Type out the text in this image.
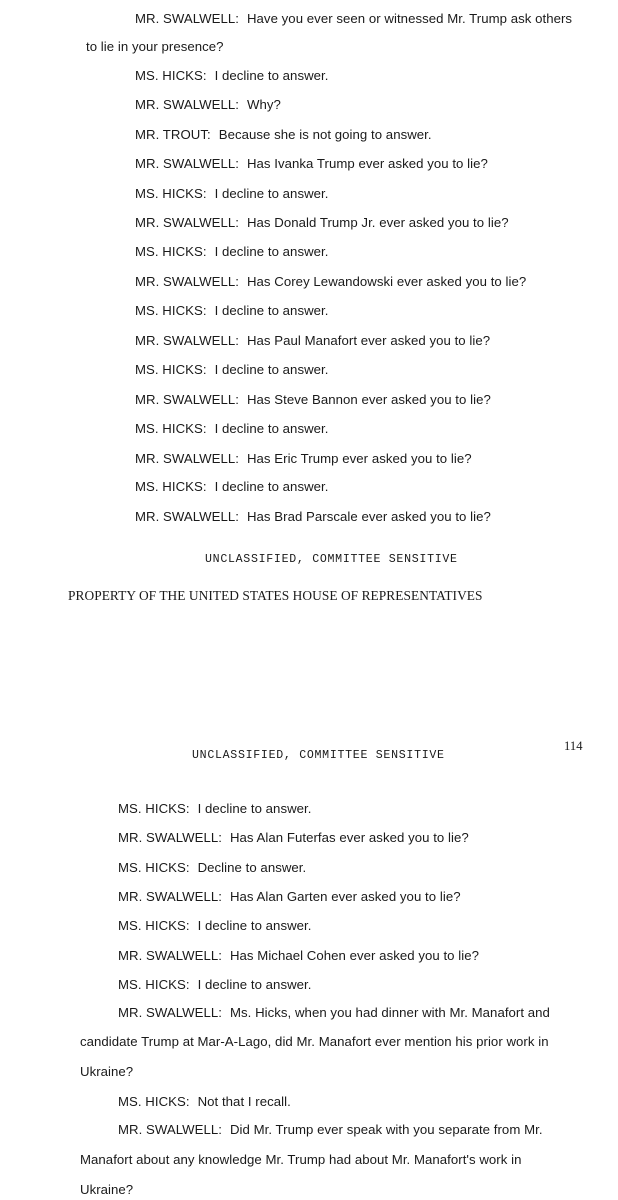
MR. SWALWELL: Have you ever seen or witnessed Mr. Trump ask others
to lie in your presence?
MS. HICKS: I decline to answer.
MR. SWALWELL: Why?
MR. TROUT: Because she is not going to answer.
MR. SWALWELL: Has Ivanka Trump ever asked you to lie?
MS. HICKS: I decline to answer.
MR. SWALWELL: Has Donald Trump Jr. ever asked you to lie?
MS. HICKS: I decline to answer.
MR. SWALWELL: Has Corey Lewandowski ever asked you to lie?
MS. HICKS: I decline to answer.
MR. SWALWELL: Has Paul Manafort ever asked you to lie?
MS. HICKS: I decline to answer.
MR. SWALWELL: Has Steve Bannon ever asked you to lie?
MS. HICKS: I decline to answer.
MR. SWALWELL: Has Eric Trump ever asked you to lie?
MS. HICKS: I decline to answer.
MR. SWALWELL: Has Brad Parscale ever asked you to lie?
UNCLASSIFIED, COMMITTEE SENSITIVE
PROPERTY OF THE UNITED STATES HOUSE OF REPRESENTATIVES
114
UNCLASSIFIED, COMMITTEE SENSITIVE
MS. HICKS: I decline to answer.
MR. SWALWELL: Has Alan Futerfas ever asked you to lie?
MS. HICKS: Decline to answer.
MR. SWALWELL: Has Alan Garten ever asked you to lie?
MS. HICKS: I decline to answer.
MR. SWALWELL: Has Michael Cohen ever asked you to lie?
MS. HICKS: I decline to answer.
MR. SWALWELL: Ms. Hicks, when you had dinner with Mr. Manafort and
candidate Trump at Mar-A-Lago, did Mr. Manafort ever mention his prior work in
Ukraine?
MS. HICKS: Not that I recall.
MR. SWALWELL: Did Mr. Trump ever speak with you separate from Mr.
Manafort about any knowledge Mr. Trump had about Mr. Manafort's work in
Ukraine?
